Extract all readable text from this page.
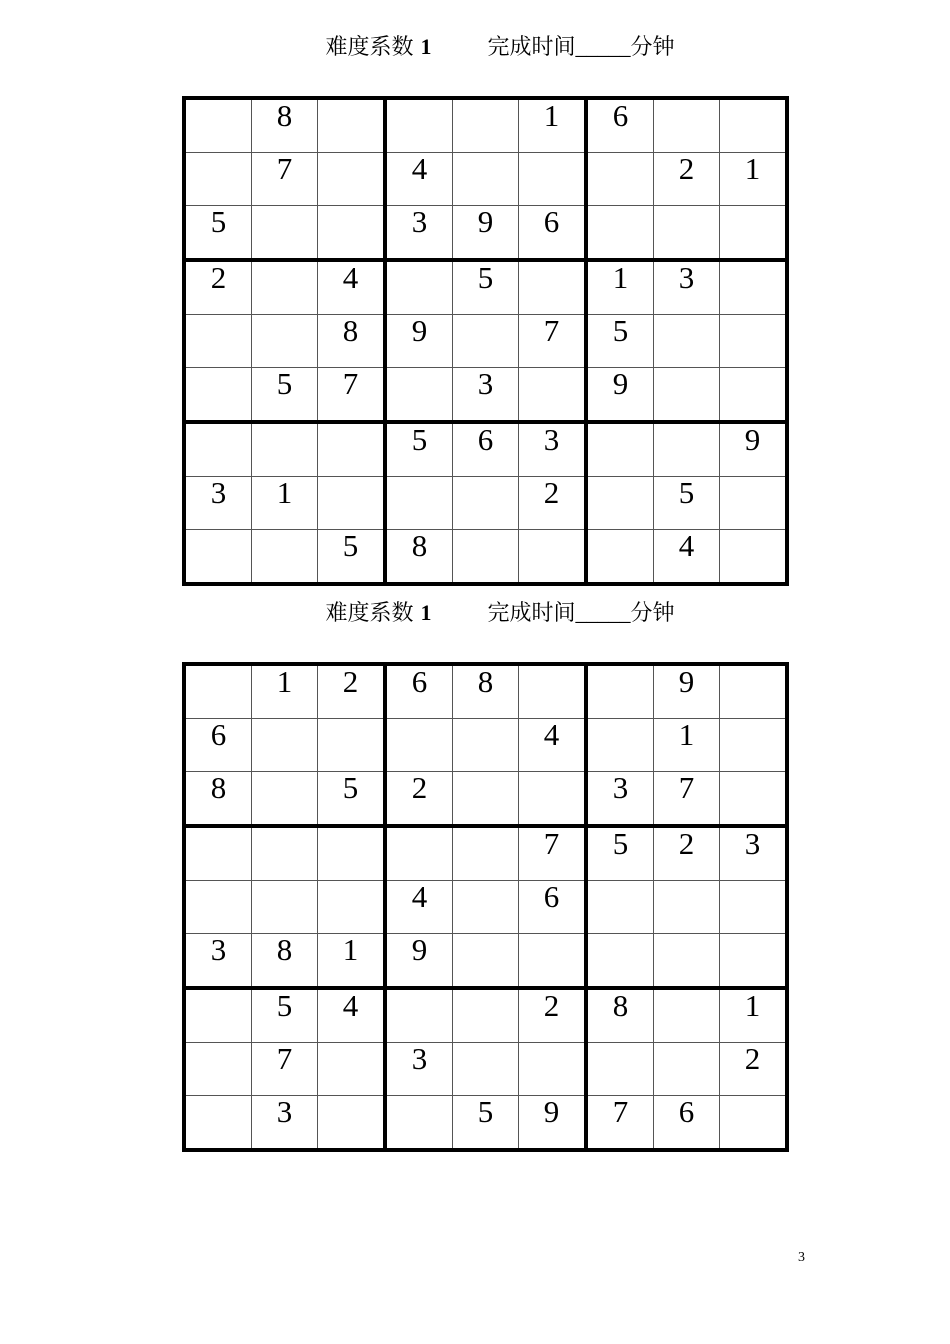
难度系数 1	完成时间_____分钟
	8				1	6		
	7		4				2	1
5			3	9	6			
2		4		5		1	3	
		8	9		7	5		
	5	7		3		9		
			5	6	3			9
3	1				2		5	
		5	8				4	
难度系数 1	完成时间_____分钟
	1	2	6	8			9	
6					4		1	
8		5	2			3	7	
					7	5	2	3
			4		6			
3	8	1	9					
	5	4			2	8		1
	7		3					2
	3			5	9	7	6	
3
